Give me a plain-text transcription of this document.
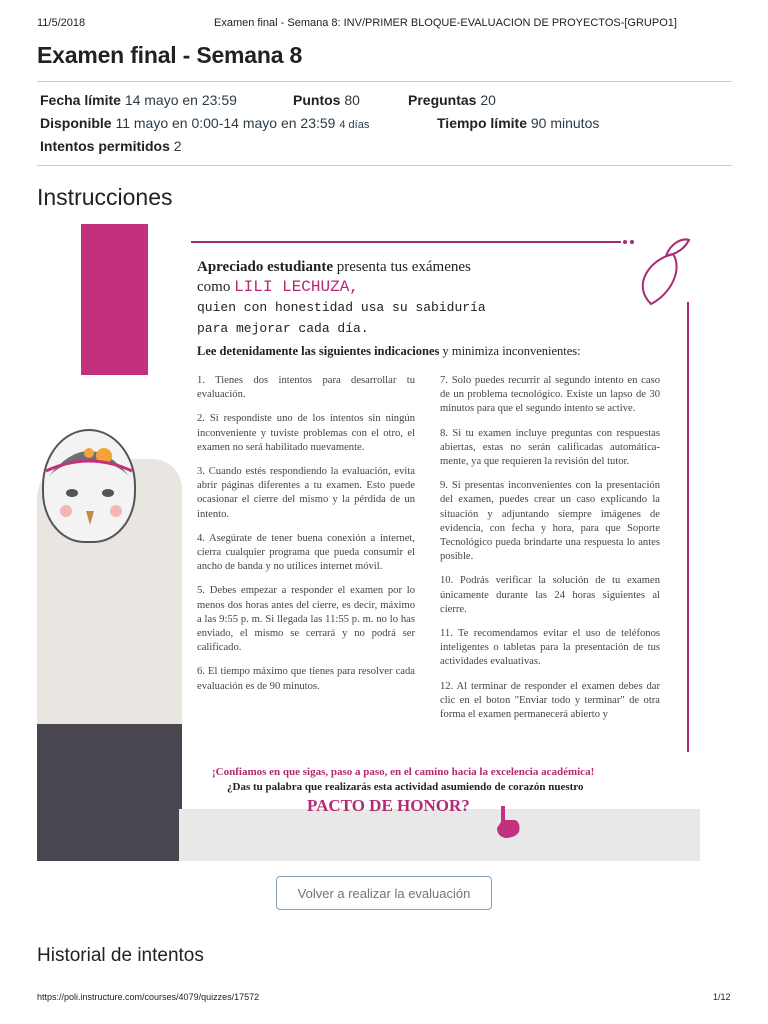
11/5/2018	Examen final - Semana 8: INV/PRIMER BLOQUE-EVALUACION DE PROYECTOS-[GRUPO1]
Examen final - Semana 8
Fecha límite 14 mayo en 23:59	Puntos 80	Preguntas 20
Disponible 11 mayo en 0:00-14 mayo en 23:59 4 días	Tiempo límite 90 minutos
Intentos permitidos 2
Instrucciones
Apreciado estudiante presenta tus exámenes
como LILI LECHUZA,
quien con honestidad usa su sabiduría
para mejorar cada día.
Lee detenidamente las siguientes indicaciones y minimiza inconvenientes:

1. Tienes dos intentos para desarrollar tu evaluación.

2. Si respondiste uno de los intentos sin ningún inconveniente y tuviste problemas con el otro, el examen no será habilitado nuevamente.

3. Cuando estés respondiendo la evaluación, evita abrir páginas diferentes a tu examen. Esto puede ocasionar el cierre del mismo y la pérdida de un intento.

4. Asegúrate de tener buena conexión a internet, cierra cualquier programa que pueda consumir el ancho de banda y no utilices internet móvil.

5. Debes empezar a responder el examen por lo menos dos horas antes del cierre, es decir, máximo a las 9:55 p. m. Si llegada las 11:55 p. m. no lo has enviado, el mismo se cerrará y no podrá ser calificado.

6. El tiempo máximo que tienes para resolver cada evaluación es de 90 minutos.

7. Solo puedes recurrir al segundo intento en caso de un problema tecnológico. Existe un lapso de 30 minutos para que el segundo intento se active.

8. Si tu examen incluye preguntas con respuestas abiertas, estas no serán calificadas automática-mente, ya que requieren la revisión del tutor.

9. Si presentas inconvenientes con la presentación del examen, puedes crear un caso explicando la situación y adjuntando siempre imágenes de evidencia, con fecha y hora, para que Soporte Tecnológico pueda brindarte una respuesta lo antes posible.

10. Podrás verificar la solución de tu examen únicamente durante las 24 horas siguientes al cierre.

11. Te recomendamos evitar el uso de teléfonos inteligentes o tabletas para la presentación de tus actividades evaluativas.

12. Al terminar de responder el examen debes dar clic en el boton "Enviar todo y terminar" de otra forma el examen permanecerá abierto y

¡Confiamos en que sigas, paso a paso, en el camino hacia la excelencia académica!
¿Das tu palabra que realizarás esta actividad asumiendo de corazón nuestro
PACTO DE HONOR?
Volver a realizar la evaluación
Historial de intentos
https://poli.instructure.com/courses/4079/quizzes/17572	1/12
